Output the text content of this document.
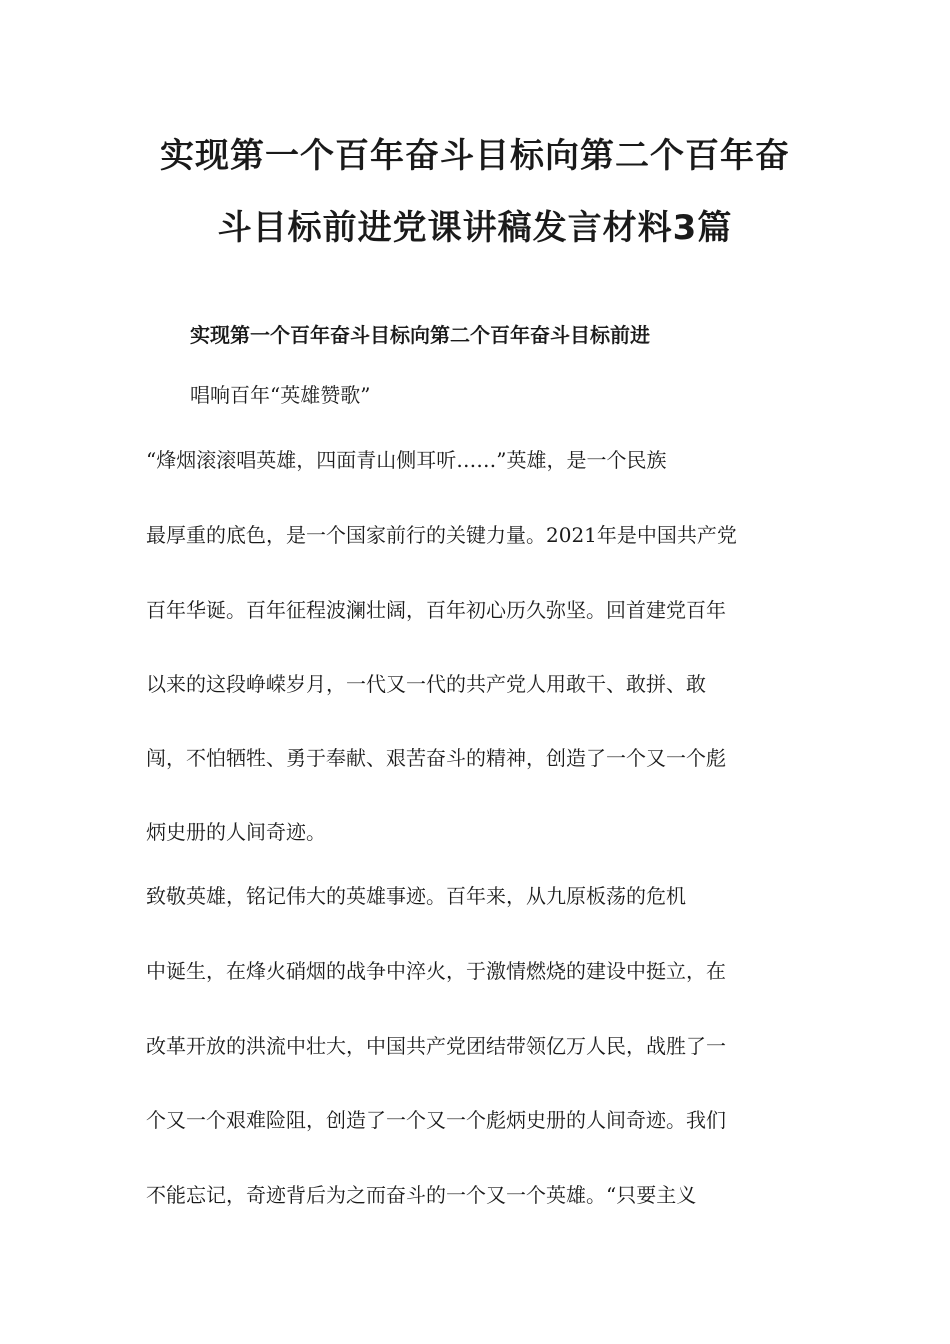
实现第一个百年奋斗目标向第二个百年奋
斗目标前进党课讲稿发言材料3篇
实现第一个百年奋斗目标向第二个百年奋斗目标前进
唱响百年“英雄赞歌”
“烽烟滚滚唱英雄，四面青山侧耳听……”英雄，是一个民族
最厚重的底色，是一个国家前行的关键力量。2021年是中国共产党
百年华诞。百年征程波澜壮阔，百年初心历久弥坚。回首建党百年
以来的这段峥嵘岁月，一代又一代的共产党人用敢干、敢拼、敢
闯，不怕牺牲、勇于奉献、艰苦奋斗的精神，创造了一个又一个彪
炳史册的人间奇迹。
致敬英雄，铭记伟大的英雄事迹。百年来，从九原板荡的危机
中诞生，在烽火硝烟的战争中淬火，于激情燃烧的建设中挺立，在
改革开放的洪流中壮大，中国共产党团结带领亿万人民，战胜了一
个又一个艰难险阻，创造了一个又一个彪炳史册的人间奇迹。我们
不能忘记，奇迹背后为之而奋斗的一个又一个英雄。“只要主义
